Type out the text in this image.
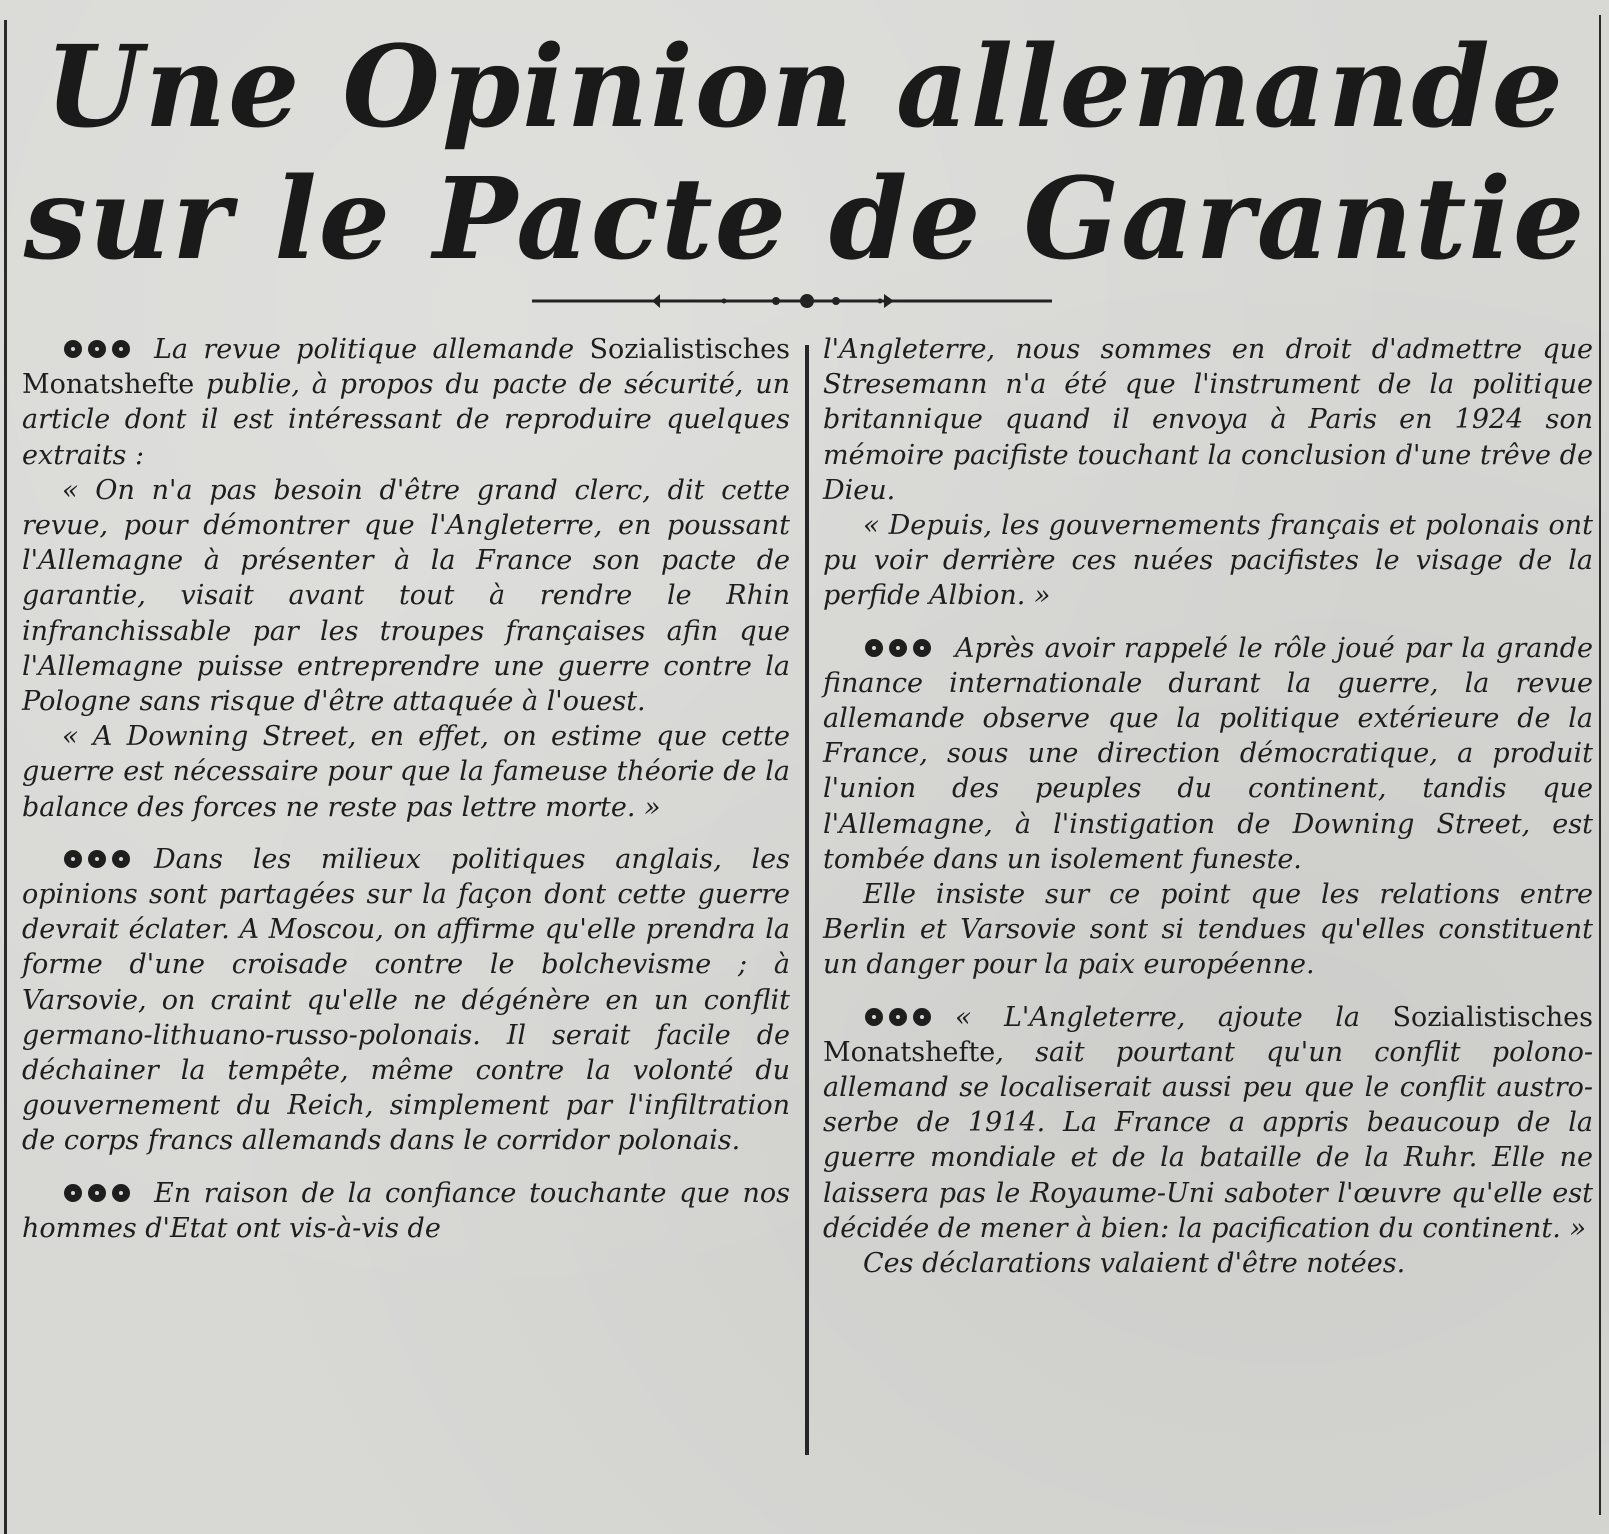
Une Opinion allemande
sur le Pacte de Garantie

La revue politique allemande Sozialistisches Monatshefte publie, à propos du pacte de sécurité, un article dont il est intéressant de reproduire quelques extraits :

« On n'a pas besoin d'être grand clerc, dit cette revue, pour démontrer que l'Angleterre, en poussant l'Allemagne à présenter à la France son pacte de garantie, visait avant tout à rendre le Rhin infranchissable par les troupes françaises afin que l'Allemagne puisse entreprendre une guerre contre la Pologne sans risque d'être attaquée à l'ouest.

« A Downing Street, en effet, on estime que cette guerre est nécessaire pour que la fameuse théorie de la balance des forces ne reste pas lettre morte. »

Dans les milieux politiques anglais, les opinions sont partagées sur la façon dont cette guerre devrait éclater. A Moscou, on affirme qu'elle prendra la forme d'une croisade contre le bolchevisme ; à Varsovie, on craint qu'elle ne dégénère en un conflit germano-lithuano-russo-polonais. Il serait facile de déchainer la tempête, même contre la volonté du gouvernement du Reich, simplement par l'infiltration de corps francs allemands dans le corridor polonais.

En raison de la confiance touchante que nos hommes d'Etat ont vis-à-vis de

l'Angleterre, nous sommes en droit d'admettre que Stresemann n'a été que l'instrument de la politique britannique quand il envoya à Paris en 1924 son mémoire pacifiste touchant la conclusion d'une trêve de Dieu.

« Depuis, les gouvernements français et polonais ont pu voir derrière ces nuées pacifistes le visage de la perfide Albion. »

Après avoir rappelé le rôle joué par la grande finance internationale durant la guerre, la revue allemande observe que la politique extérieure de la France, sous une direction démocratique, a produit l'union des peuples du continent, tandis que l'Allemagne, à l'instigation de Downing Street, est tombée dans un isolement funeste.

Elle insiste sur ce point que les relations entre Berlin et Varsovie sont si tendues qu'elles constituent un danger pour la paix européenne.

« L'Angleterre, ajoute la Sozialistisches Monatshefte, sait pourtant qu'un conflit polono-allemand se localiserait aussi peu que le conflit austro-serbe de 1914. La France a appris beaucoup de la guerre mondiale et de la bataille de la Ruhr. Elle ne laissera pas le Royaume-Uni saboter l'œuvre qu'elle est décidée de mener à bien: la pacification du continent. »

Ces déclarations valaient d'être notées.
